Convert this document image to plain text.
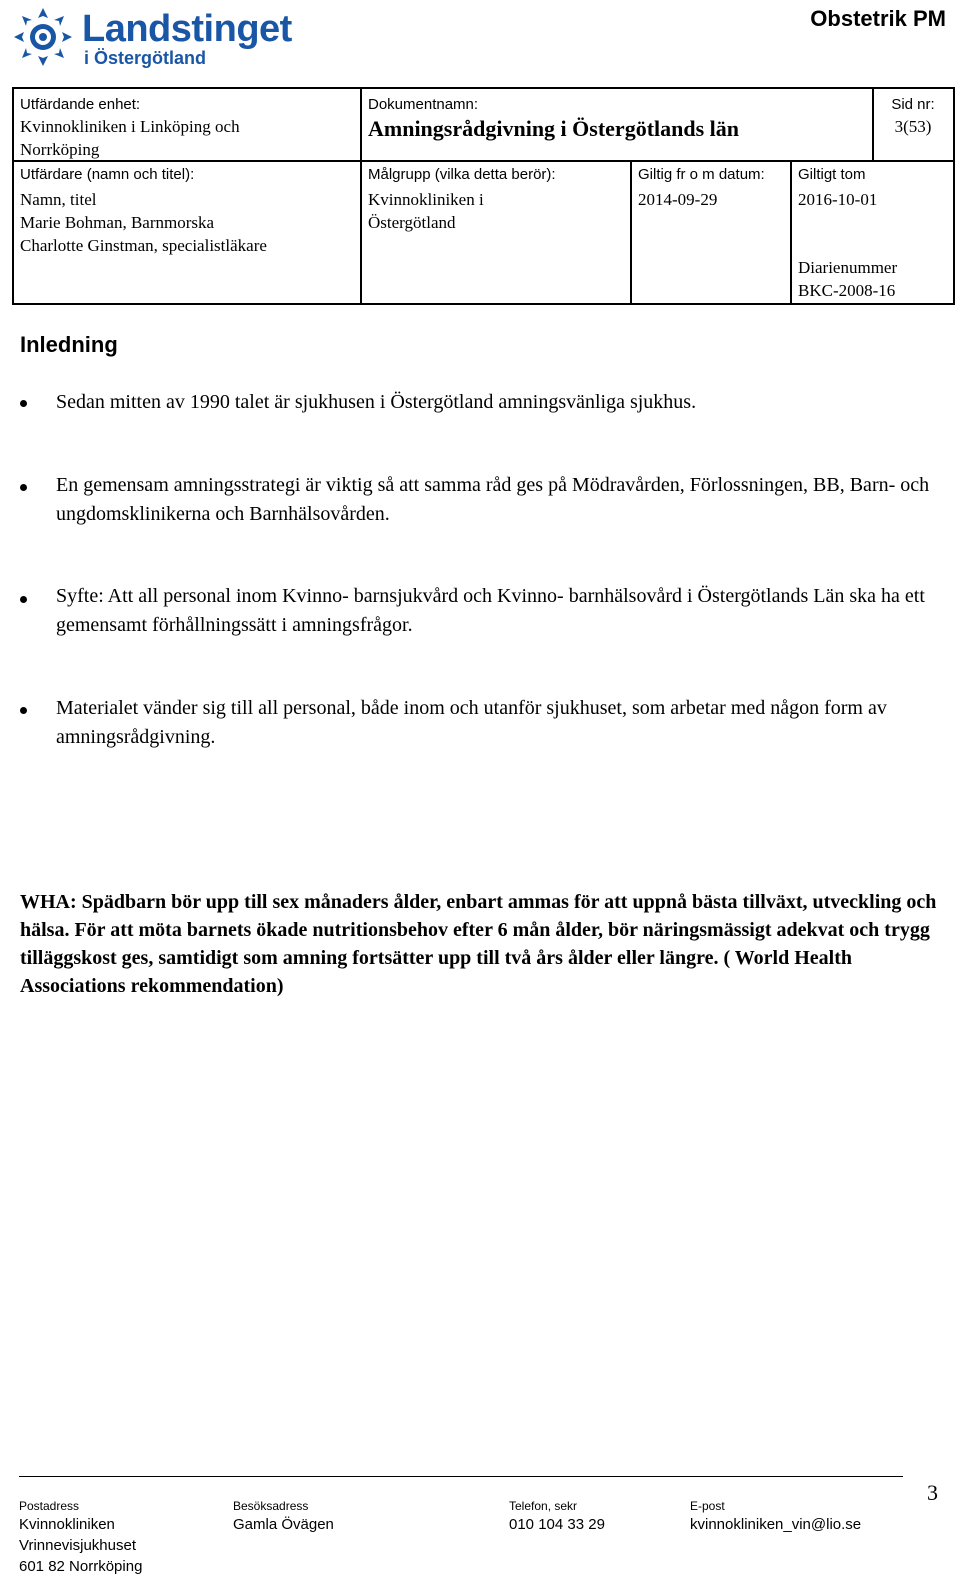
Landstinget
i Östergötland
Obstetrik PM
Utfärdande enhet:
Kvinnokliniken i Linköping och
Norrköping
Dokumentnamn:
Amningsrådgivning i Östergötlands län
Sid nr:
3(53)
Utfärdare (namn och titel):
Namn, titel
Marie Bohman, Barnmorska
Charlotte Ginstman, specialistläkare
Målgrupp (vilka detta berör):
Kvinnokliniken i
Östergötland
Giltig fr o m datum:
2014-09-29
Giltigt tom
2016-10-01
Diarienummer
BKC-2008-16
Inledning
Sedan mitten av 1990 talet är sjukhusen i Östergötland amningsvänliga sjukhus.
En gemensam amningsstrategi är viktig så att samma råd ges på Mödravården, Förlossningen, BB, Barn- och ungdomsklinikerna och Barnhälsovården.
Syfte: Att all personal inom Kvinno- barnsjukvård och Kvinno- barnhälsovård i Östergötlands Län ska ha ett gemensamt förhållningssätt i amningsfrågor.
Materialet vänder sig till all personal, både inom och utanför sjukhuset, som arbetar med någon form av amningsrådgivning.
WHA: Spädbarn bör upp till sex månaders ålder, enbart ammas för att uppnå bästa tillväxt, utveckling och hälsa. För att möta barnets ökade nutritionsbehov efter 6 mån ålder, bör näringsmässigt adekvat och trygg tilläggskost ges, samtidigt som amning fortsätter upp till två års ålder eller längre. ( World Health Associations rekommendation)
Postadress
Kvinnokliniken
Vrinnevisjukhuset
601 82 Norrköping
Besöksadress
Gamla Övägen
Telefon, sekr
010 104 33 29
E-post
kvinnokliniken_vin@lio.se
3
